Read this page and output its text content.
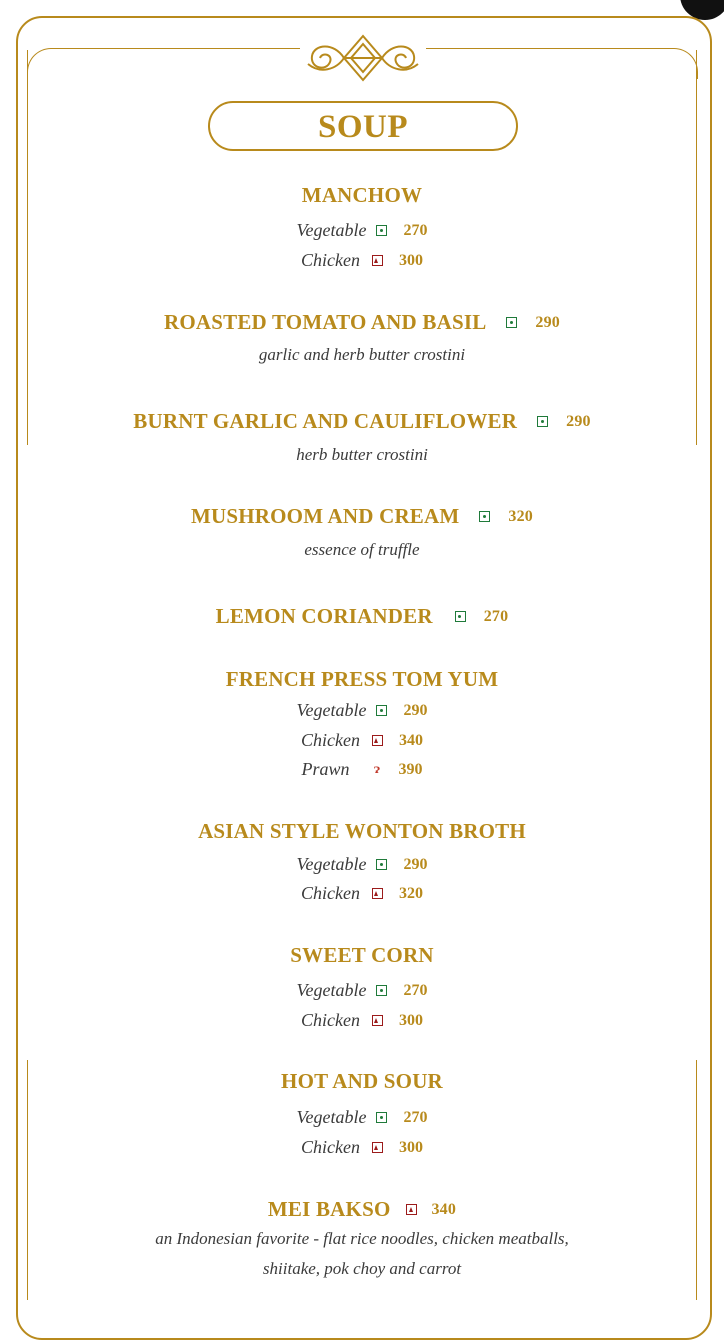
SOUP
MANCHOW
Vegetable 270
Chicken 300
ROASTED TOMATO AND BASIL	290
garlic and herb butter crostini
BURNT GARLIC AND CAULIFLOWER	290
herb butter crostini
MUSHROOM AND CREAM	320
essence of truffle
LEMON CORIANDER	270
FRENCH PRESS TOM YUM
Vegetable 290
Chicken 340
Prawn ɂ 390
ASIAN STYLE WONTON BROTH
Vegetable 290
Chicken 320
SWEET CORN
Vegetable 270
Chicken 300
HOT AND SOUR
Vegetable 270
Chicken 300
MEI BAKSO	340
an Indonesian favorite - flat rice noodles, chicken meatballs,
shiitake, pok choy and carrot
